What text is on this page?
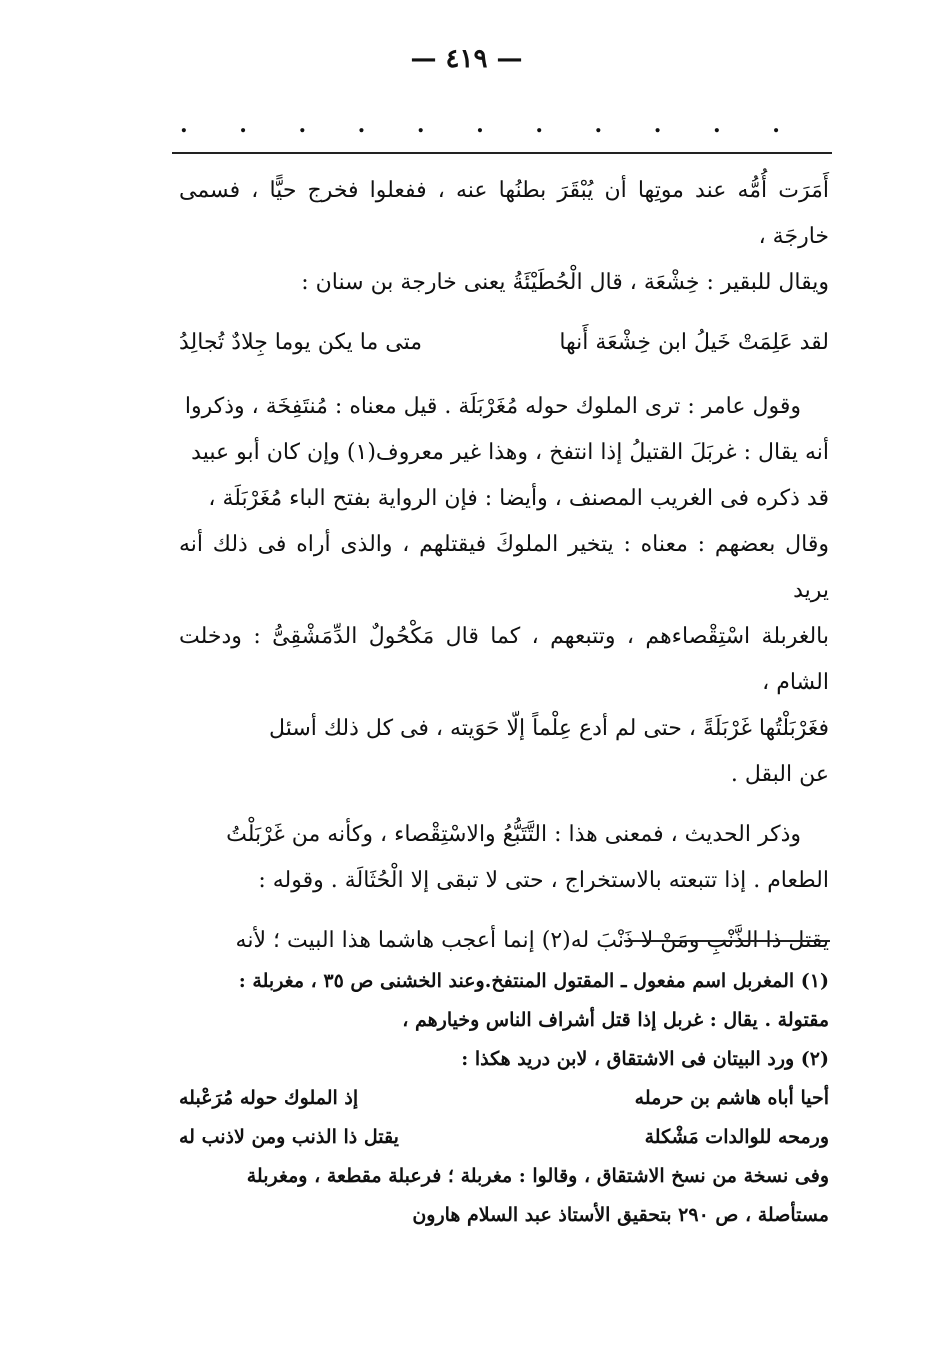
— ٤١٩ —
. . . . . . . . . . .

أَمَرَت أُمُّه عند موتِها أن يُبْقَرَ بطنُها عنه ، ففعلوا فخرج حيًّا ، فسمى خارجَة ،

ويقال للبقير : خِشْعَة ، قال الْحُطَيْئَةُ يعنى خارجة بن سنان :

لقد عَلِمَتْ خَيلُ ابن خِشْعَة أَنها
متى ما يكن يوما جِلادٌ تُجالِدُ

وقول عامر : ترى الملوك حوله مُغَرْبَلَة . قيل معناه : مُنتَفِخَة ، وذكروا

أنه يقال : غربَلَ القتيلُ إذا انتفخ ، وهذا غير معروف(١) وإن كان أبو عبيد

قد ذكره فى الغريب المصنف ، وأيضا : فإن الرواية بفتح الباء مُغَرْبَلَة ،

وقال بعضهم : معناه : يتخير الملوكَ فيقتلهم ، والذى أراه فى ذلك أنه يريد

بالغربلة اسْتِقْصاءهم ، وتتبعهم ، كما قال مَكْحُولٌ الدِّمَشْقِىُّ : ودخلت الشام ،

فغَرْبَلْتُها غَرْبَلَةً ، حتى لم أدع عِلْماً إلّا حَوَيته ، فى كل ذلك أسئل

عن البقل .

وذكر الحديث ، فمعنى هذا : التَّتَبُّعُ والاسْتِقْصاء ، وكأنه من غَرْبَلْتُ

الطعام . إذا تتبعته بالاستخراج ، حتى لا تبقى إلا الْحُثَالَة . وقوله :

يقتل ذا الذَّنْبِ ومَنْ لا ذَنْبَ له(٢) إنما أعجب هاشما هذا البيت ؛ لأنه

(١) المغربل اسم مفعول ـ المقتول المنتفخ.وعند الخشنى ص ٣٥ ، مغربلة :

مقتولة . يقال : غربل إذا قتل أشراف الناس وخيارهم ،

(٢) ورد البيتان فى الاشتقاق ، لابن دريد هكذا :

أحيا أباه هاشم بن حرمله
إذ الملوك حوله مُرَعْبله
ورمحه للوالدات مَشْكلة
يقتل ذا الذنب ومن لاذنب له

وفى نسخة من نسخ الاشتقاق ، وقالوا : مغربلة ؛ فرعبلة مقطعة ، ومغربلة

مستأصلة ، ص ٢٩٠ بتحقيق الأستاذ عبد السلام هارون
